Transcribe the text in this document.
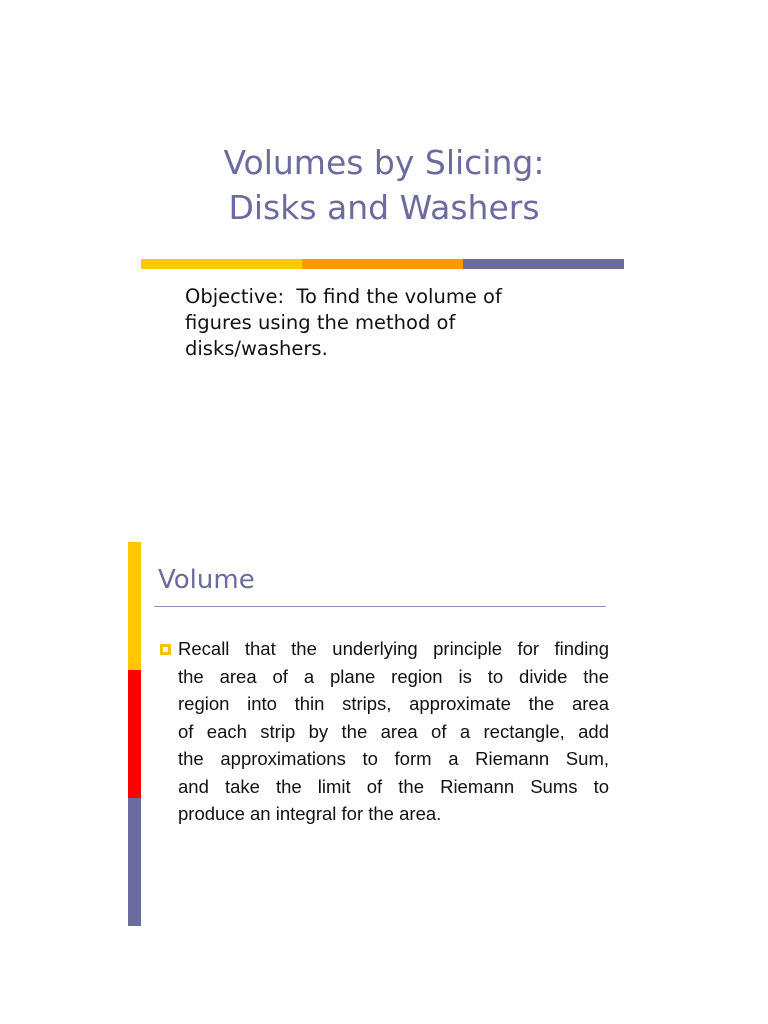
Volumes by Slicing:
Disks and Washers
Objective:  To find the volume of
figures using the method of
disks/washers.
Volume
Recall that the underlying principle for finding
the area of a plane region is to divide the
region into thin strips, approximate the area
of each strip by the area of a rectangle, add
the approximations to form a Riemann Sum,
and take the limit of the Riemann Sums to
produce an integral for the area.
